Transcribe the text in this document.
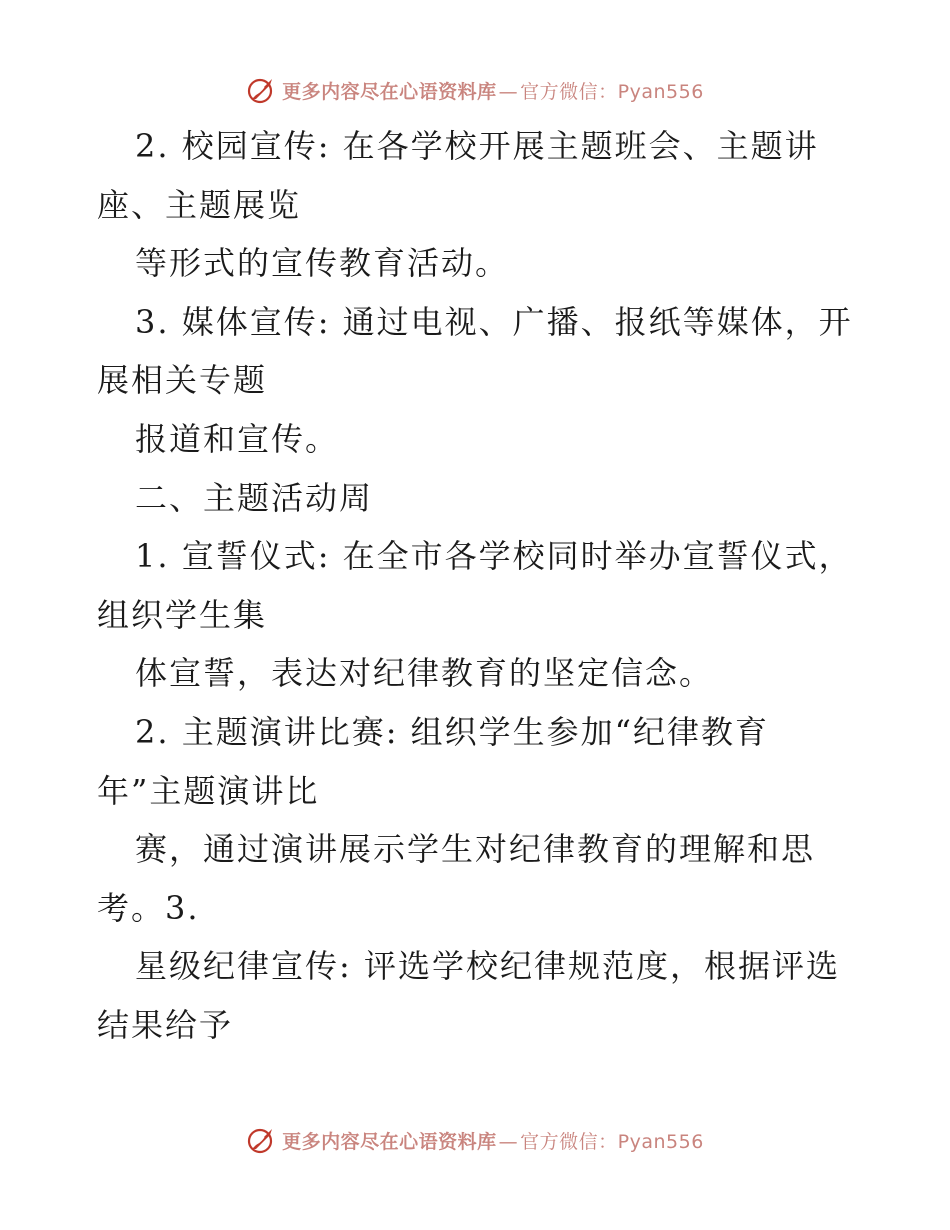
更多内容尽在心语资料库 — 官方微信：Pyan556
2. 校园宣传: 在各学校开展主题班会、主题讲
座、主题展览
等形式的宣传教育活动。
3. 媒体宣传: 通过电视、广播、报纸等媒体，开
展相关专题
报道和宣传。
二、主题活动周
1. 宣誓仪式: 在全市各学校同时举办宣誓仪式，
组织学生集
体宣誓，表达对纪律教育的坚定信念。
2. 主题演讲比赛: 组织学生参加“纪律教育
年”主题演讲比
赛，通过演讲展示学生对纪律教育的理解和思
考。3.
星级纪律宣传: 评选学校纪律规范度，根据评选
结果给予
更多内容尽在心语资料库 — 官方微信：Pyan556
